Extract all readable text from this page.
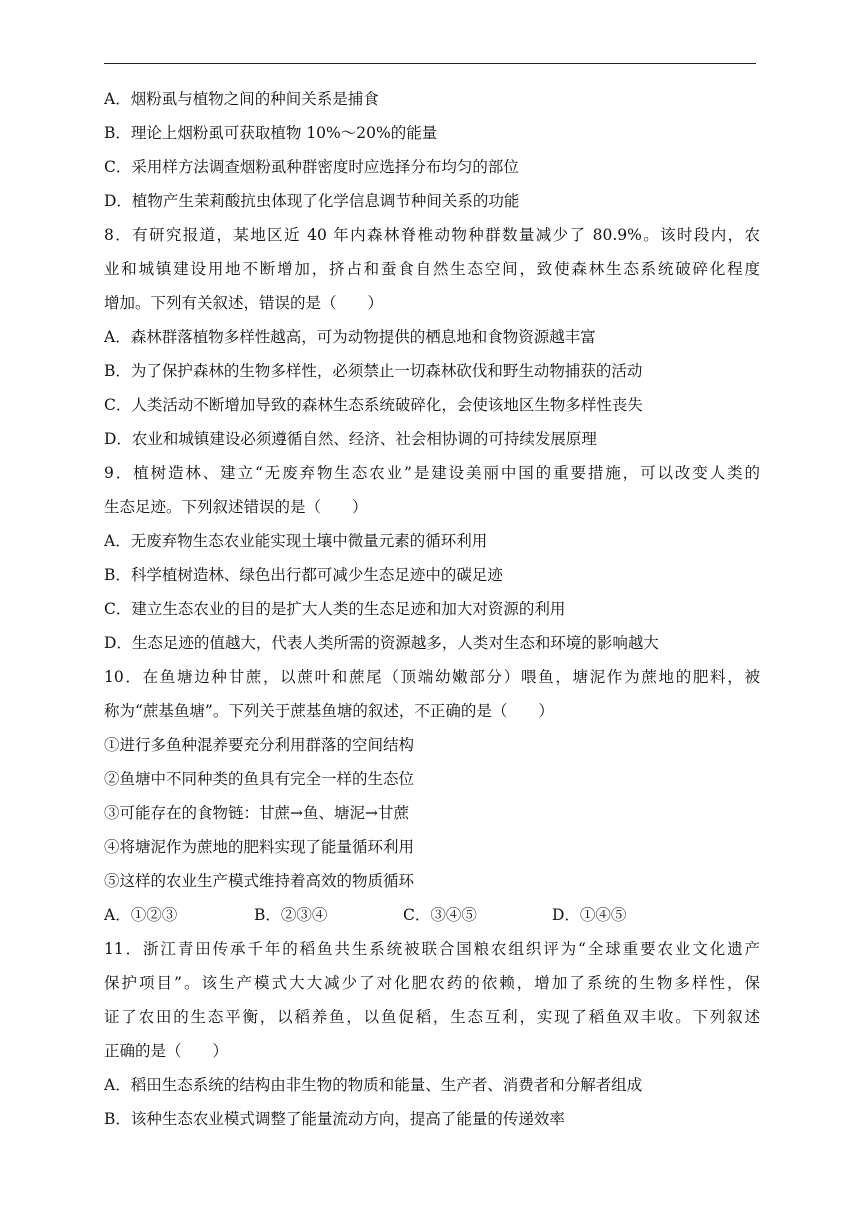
A．烟粉虱与植物之间的种间关系是捕食
B．理论上烟粉虱可获取植物 10%～20%的能量
C．采用样方法调查烟粉虱种群密度时应选择分布均匀的部位
D．植物产生茉莉酸抗虫体现了化学信息调节种间关系的功能
8．有研究报道，某地区近 40 年内森林脊椎动物种群数量减少了 80.9%。该时段内，农
业和城镇建设用地不断增加，挤占和蚕食自然生态空间，致使森林生态系统破碎化程度
增加。下列有关叙述，错误的是（　　）
A．森林群落植物多样性越高，可为动物提供的栖息地和食物资源越丰富
B．为了保护森林的生物多样性，必须禁止一切森林砍伐和野生动物捕获的活动
C．人类活动不断增加导致的森林生态系统破碎化，会使该地区生物多样性丧失
D．农业和城镇建设必须遵循自然、经济、社会相协调的可持续发展原理
9．植树造林、建立“无废弃物生态农业”是建设美丽中国的重要措施，可以改变人类的
生态足迹。下列叙述错误的是（　　）
A．无废弃物生态农业能实现土壤中微量元素的循环利用
B．科学植树造林、绿色出行都可减少生态足迹中的碳足迹
C．建立生态农业的目的是扩大人类的生态足迹和加大对资源的利用
D．生态足迹的值越大，代表人类所需的资源越多，人类对生态和环境的影响越大
10．在鱼塘边种甘蔗，以蔗叶和蔗尾（顶端幼嫩部分）喂鱼，塘泥作为蔗地的肥料，被
称为“蔗基鱼塘”。下列关于蔗基鱼塘的叙述，不正确的是（　　）
①进行多鱼种混养要充分利用群落的空间结构
②鱼塘中不同种类的鱼具有完全一样的生态位
③可能存在的食物链：甘蔗→鱼、塘泥→甘蔗
④将塘泥作为蔗地的肥料实现了能量循环利用
⑤这样的农业生产模式维持着高效的物质循环
A．①②③	B．②③④	C．③④⑤	D．①④⑤
11．浙江青田传承千年的稻鱼共生系统被联合国粮农组织评为“全球重要农业文化遗产
保护项目”。该生产模式大大减少了对化肥农药的依赖，增加了系统的生物多样性，保
证了农田的生态平衡，以稻养鱼，以鱼促稻，生态互利，实现了稻鱼双丰收。下列叙述
正确的是（　　）
A．稻田生态系统的结构由非生物的物质和能量、生产者、消费者和分解者组成
B．该种生态农业模式调整了能量流动方向，提高了能量的传递效率
